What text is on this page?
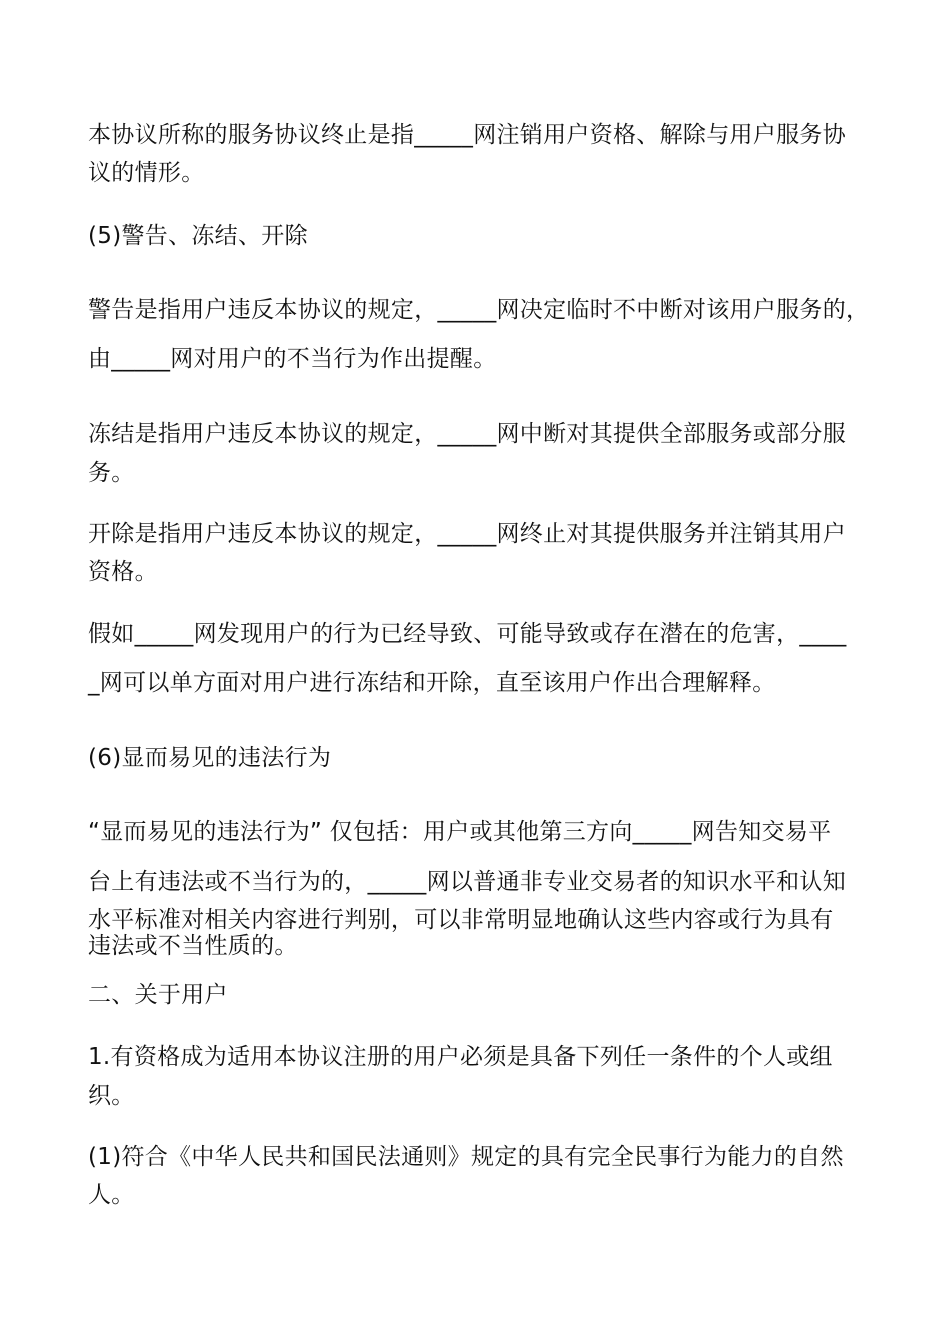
本协议所称的服务协议终止是指_____网注销用户资格、解除与用户服务协
议的情形。
(5)警告、冻结、开除
警告是指用户违反本协议的规定，_____网决定临时不中断对该用户服务的，
由_____网对用户的不当行为作出提醒。
冻结是指用户违反本协议的规定，_____网中断对其提供全部服务或部分服
务。
开除是指用户违反本协议的规定，_____网终止对其提供服务并注销其用户
资格。
假如_____网发现用户的行为已经导致、可能导致或存在潜在的危害，____
_网可以单方面对用户进行冻结和开除，直至该用户作出合理解释。
(6)显而易见的违法行为
“显而易见的违法行为” 仅包括：用户或其他第三方向_____网告知交易平
台上有违法或不当行为的，_____网以普通非专业交易者的知识水平和认知
水平标准对相关内容进行判别，可以非常明显地确认这些内容或行为具有
违法或不当性质的。
二、关于用户
1.有资格成为适用本协议注册的用户必须是具备下列任一条件的个人或组
织。
(1)符合《中华人民共和国民法通则》规定的具有完全民事行为能力的自然
人。
